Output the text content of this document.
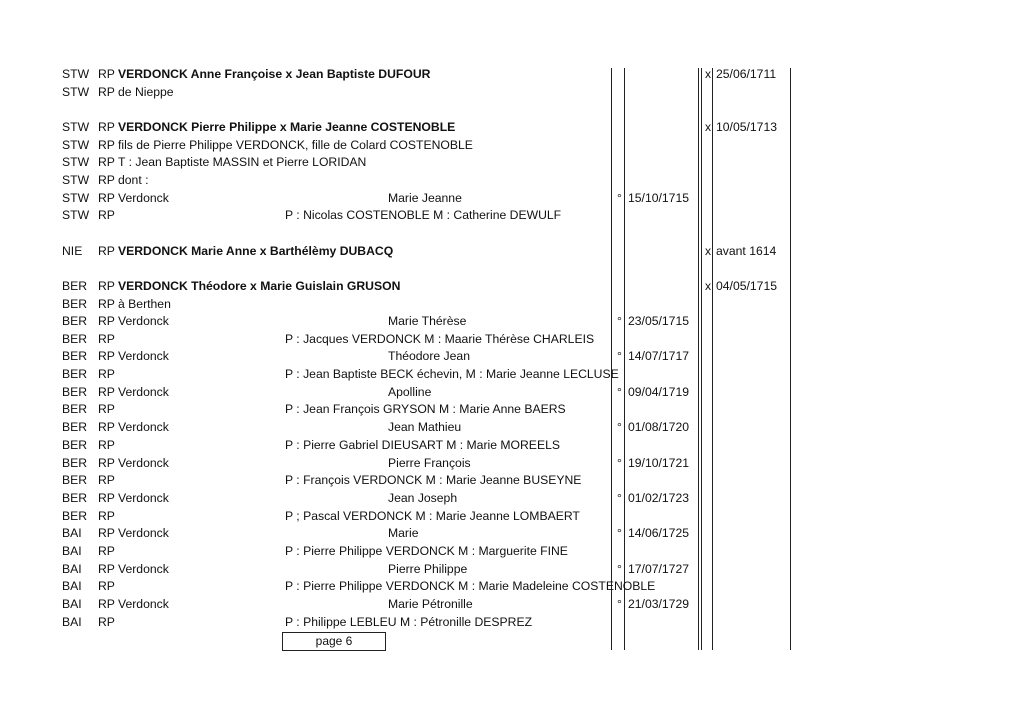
STW RP VERDONCK Anne Françoise x Jean Baptiste DUFOUR	x 25/06/1711
STW RP de Nieppe
STW RP VERDONCK Pierre Philippe x Marie Jeanne COSTENOBLE	x 10/05/1713
STW RP fils de Pierre Philippe VERDONCK, fille de Colard COSTENOBLE
STW RP T : Jean Baptiste MASSIN et Pierre LORIDAN
STW RP dont :
STW RP Verdonck	Marie Jeanne	° 15/10/1715
STW RP	P : Nicolas COSTENOBLE M : Catherine DEWULF
NIE RP VERDONCK Marie Anne x Barthélèmy DUBACQ	x avant 1614
BER RP VERDONCK Théodore x Marie Guislain GRUSON	x 04/05/1715
BER RP à Berthen
BER RP Verdonck	Marie Thérèse	° 23/05/1715
BER RP	P : Jacques VERDONCK M : Maarie Thérèse CHARLEIS
BER RP Verdonck	Théodore Jean	° 14/07/1717
BER RP	P : Jean Baptiste BECK échevin, M : Marie Jeanne LECLUSE
BER RP Verdonck	Apolline	° 09/04/1719
BER RP	P : Jean François GRYSON M : Marie Anne BAERS
BER RP Verdonck	Jean Mathieu	° 01/08/1720
BER RP	P : Pierre Gabriel DIEUSART M : Marie MOREELS
BER RP Verdonck	Pierre François	° 19/10/1721
BER RP	P : François VERDONCK M : Marie Jeanne BUSEYNE
BER RP Verdonck	Jean Joseph	° 01/02/1723
BER RP	P ; Pascal VERDONCK M : Marie Jeanne LOMBAERT
BAI RP Verdonck	Marie	° 14/06/1725
BAI RP	P : Pierre Philippe VERDONCK M : Marguerite FINE
BAI RP Verdonck	Pierre Philippe	° 17/07/1727
BAI RP	P : Pierre Philippe VERDONCK M : Marie Madeleine COSTENOBLE
BAI RP Verdonck	Marie Pétronille	° 21/03/1729
BAI RP	P : Philippe LEBLEU M : Pétronille DESPREZ
page 6
